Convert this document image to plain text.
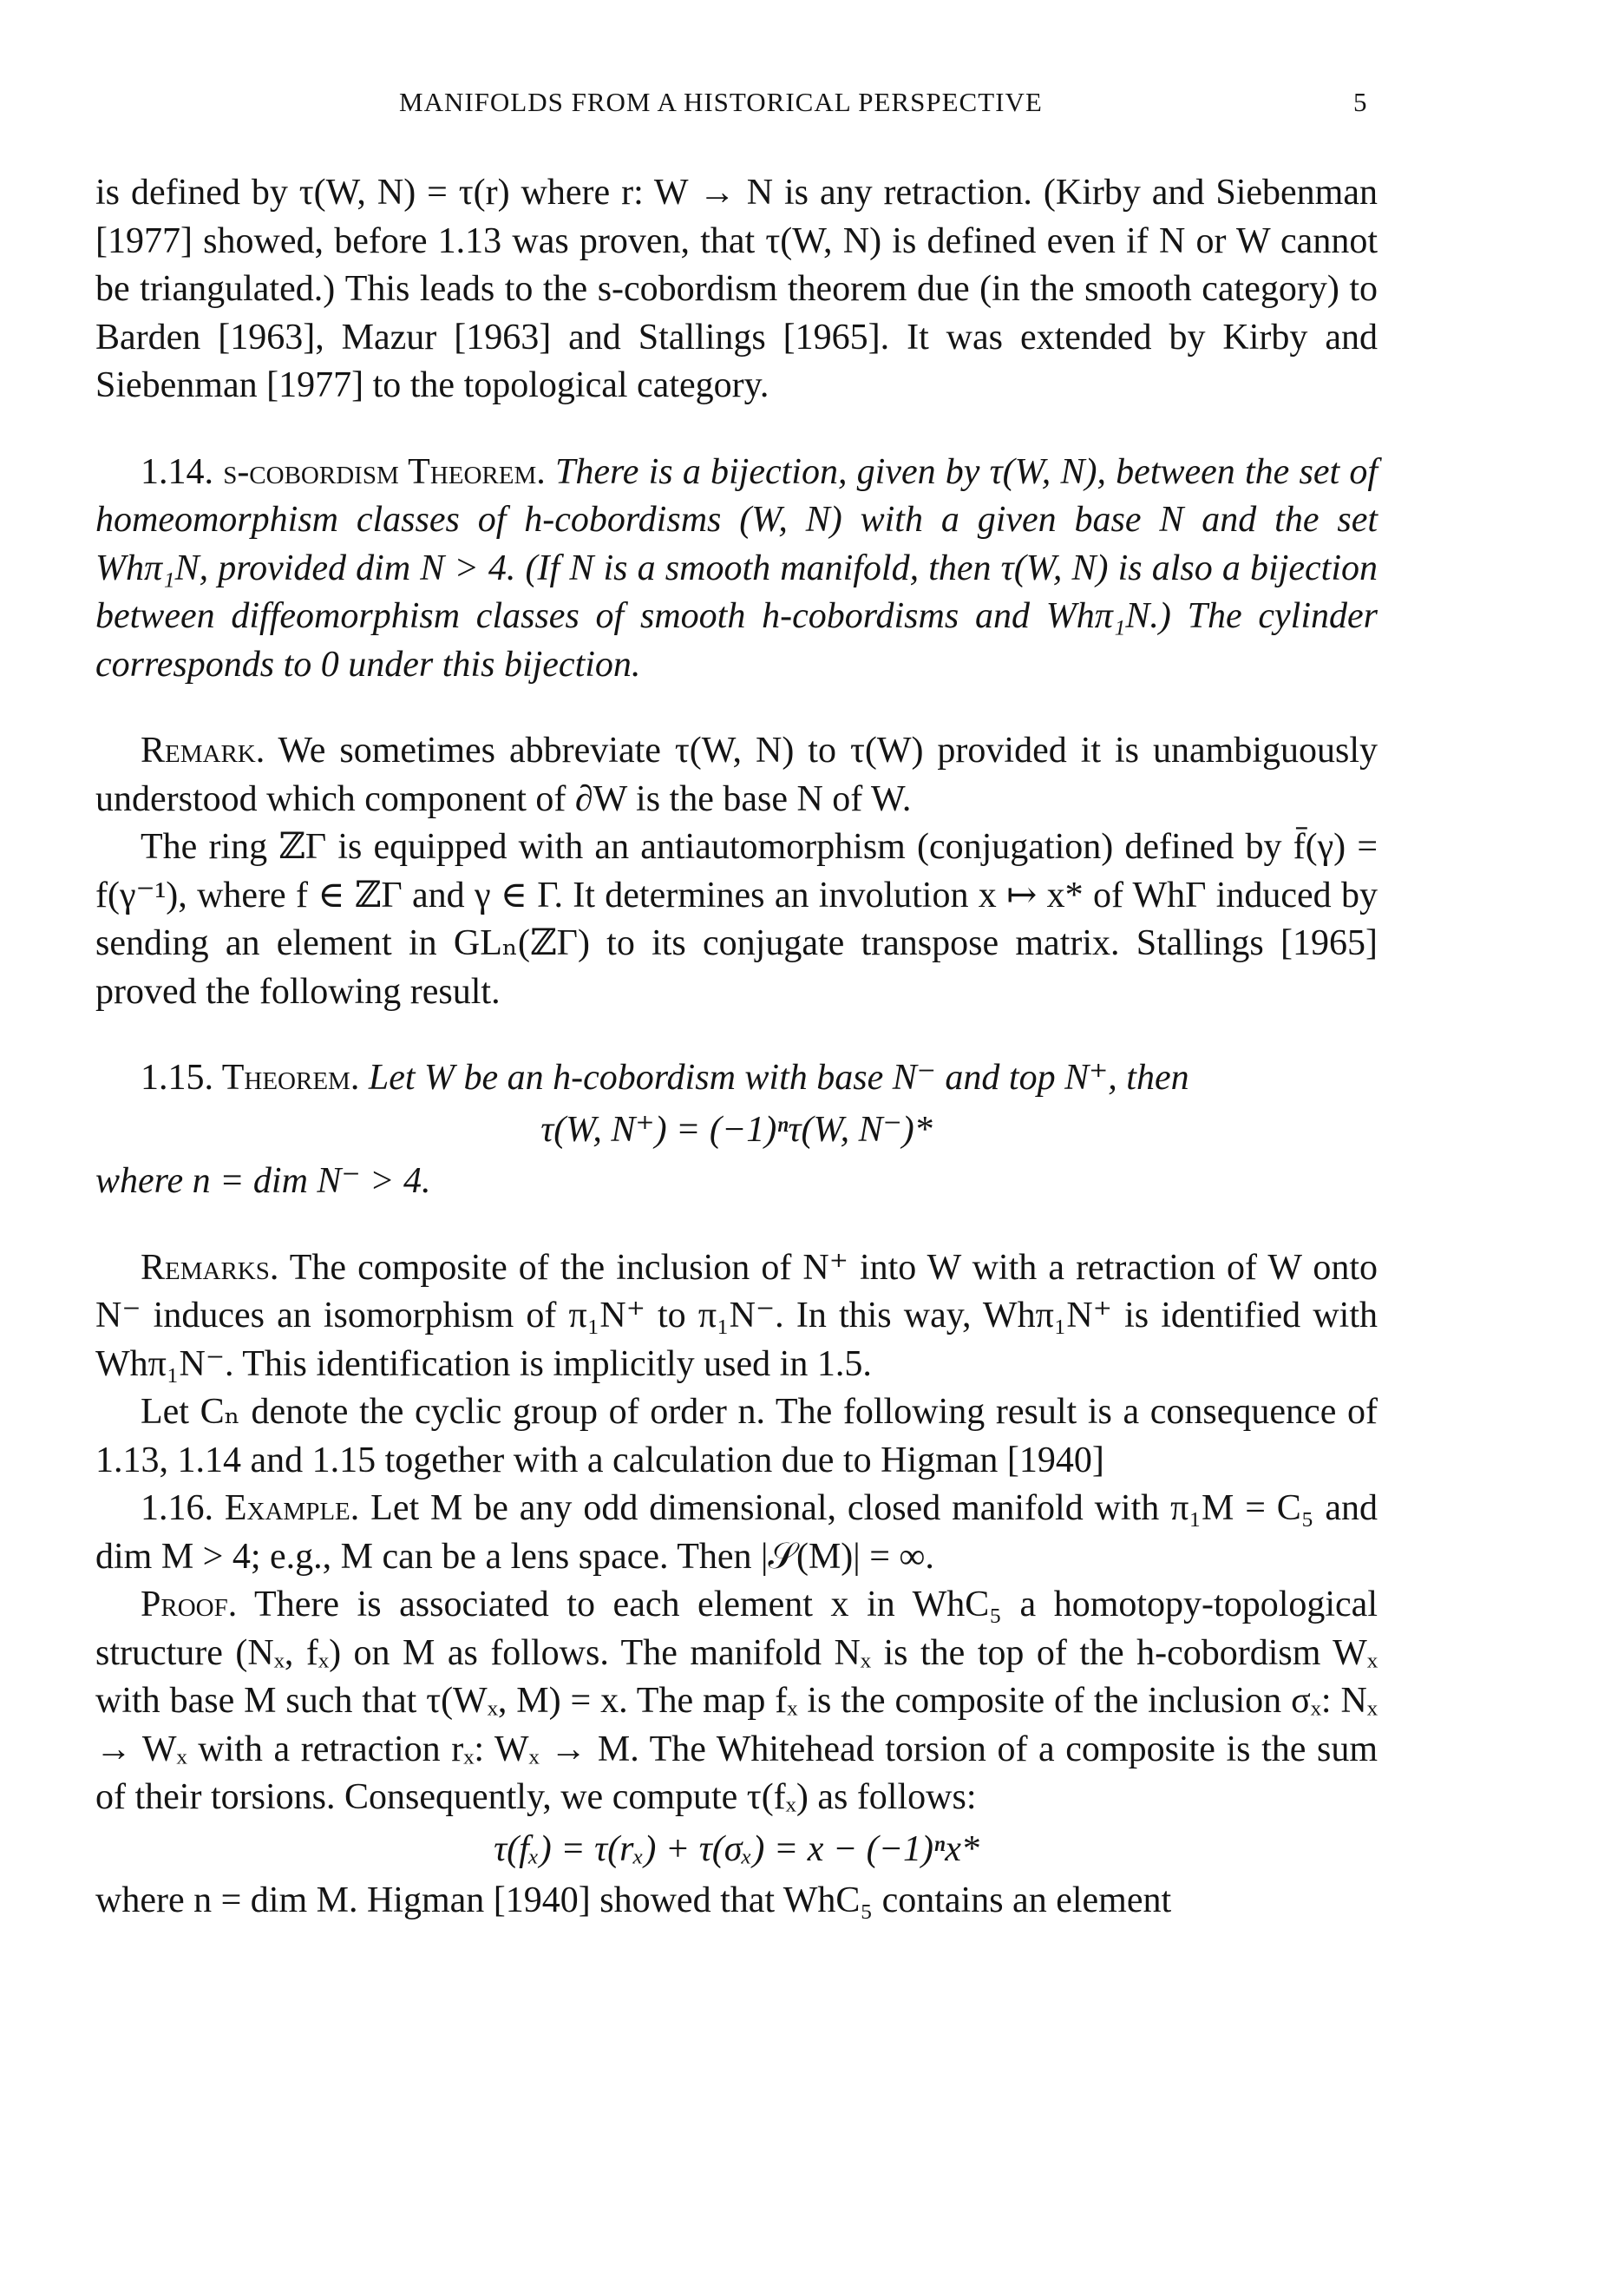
MANIFOLDS FROM A HISTORICAL PERSPECTIVE	5

is defined by τ(W, N) = τ(r) where r: W → N is any retraction. (Kirby and Siebenman [1977] showed, before 1.13 was proven, that τ(W, N) is defined even if N or W cannot be triangulated.) This leads to the s-cobordism theorem due (in the smooth category) to Barden [1963], Mazur [1963] and Stallings [1965]. It was extended by Kirby and Siebenman [1977] to the topological category.

1.14. s-cobordism Theorem. There is a bijection, given by τ(W, N), between the set of homeomorphism classes of h-cobordisms (W, N) with a given base N and the set Whπ₁N, provided dim N > 4. (If N is a smooth manifold, then τ(W, N) is also a bijection between diffeomorphism classes of smooth h-cobordisms and Whπ₁N.) The cylinder corresponds to 0 under this bijection.

Remark. We sometimes abbreviate τ(W, N) to τ(W) provided it is unambiguously understood which component of ∂W is the base N of W.

The ring ℤΓ is equipped with an antiautomorphism (conjugation) defined by f̄(γ) = f(γ⁻¹), where f ∈ ℤΓ and γ ∈ Γ. It determines an involution x ↦ x* of WhΓ induced by sending an element in GLₙ(ℤΓ) to its conjugate transpose matrix. Stallings [1965] proved the following result.

1.15. Theorem. Let W be an h-cobordism with base N⁻ and top N⁺, then

τ(W, N⁺) = (−1)ⁿτ(W, N⁻)*

where n = dim N⁻ > 4.

Remarks. The composite of the inclusion of N⁺ into W with a retraction of W onto N⁻ induces an isomorphism of π₁N⁺ to π₁N⁻. In this way, Whπ₁N⁺ is identified with Whπ₁N⁻. This identification is implicitly used in 1.5.

Let Cₙ denote the cyclic group of order n. The following result is a consequence of 1.13, 1.14 and 1.15 together with a calculation due to Higman [1940]

1.16. Example. Let M be any odd dimensional, closed manifold with π₁M = C₅ and dim M > 4; e.g., M can be a lens space. Then |𝒮(M)| = ∞.

Proof. There is associated to each element x in WhC₅ a homotopy-topological structure (Nₓ, fₓ) on M as follows. The manifold Nₓ is the top of the h-cobordism Wₓ with base M such that τ(Wₓ, M) = x. The map fₓ is the composite of the inclusion σₓ: Nₓ → Wₓ with a retraction rₓ: Wₓ → M. The Whitehead torsion of a composite is the sum of their torsions. Consequently, we compute τ(fₓ) as follows:

τ(fₓ) = τ(rₓ) + τ(σₓ) = x − (−1)ⁿx*

where n = dim M. Higman [1940] showed that WhC₅ contains an element
